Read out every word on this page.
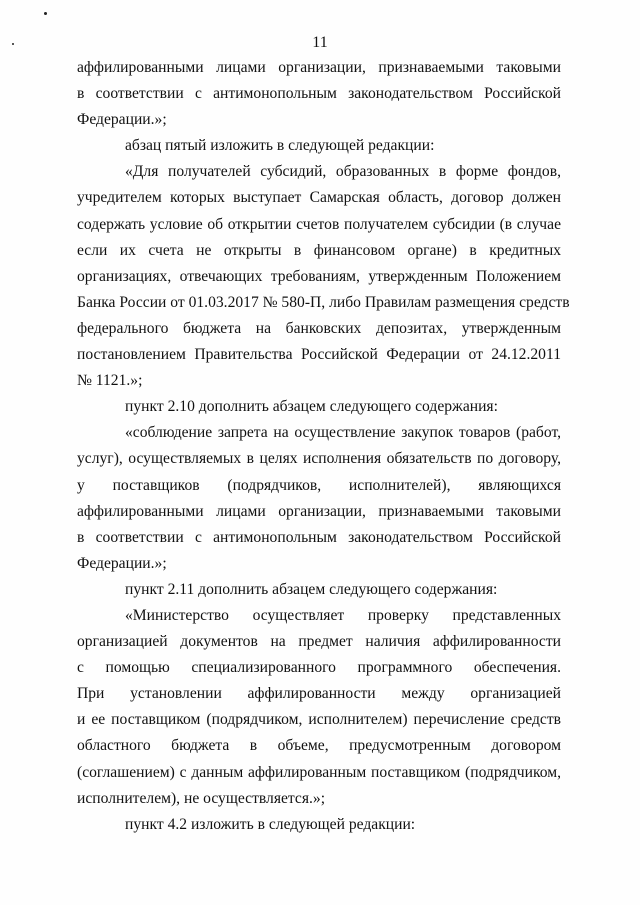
11
аффилированными лицами организации, признаваемыми таковыми
в соответствии с антимонопольным законодательством Российской
Федерации.»;
абзац пятый изложить в следующей редакции:
«Для получателей субсидий, образованных в форме фондов,
учредителем которых выступает Самарская область, договор должен
содержать условие об открытии счетов получателем субсидии (в случае
если их счета не открыты в финансовом органе) в кредитных
организациях, отвечающих требованиям, утвержденным Положением
Банка России от 01.03.2017 № 580-П, либо Правилам размещения средств
федерального бюджета на банковских депозитах, утвержденным
постановлением Правительства Российской Федерации от 24.12.2011
№ 1121.»;
пункт 2.10 дополнить абзацем следующего содержания:
«соблюдение запрета на осуществление закупок товаров (работ,
услуг), осуществляемых в целях исполнения обязательств по договору,
у поставщиков (подрядчиков, исполнителей), являющихся
аффилированными лицами организации, признаваемыми таковыми
в соответствии с антимонопольным законодательством Российской
Федерации.»;
пункт 2.11 дополнить абзацем следующего содержания:
«Министерство осуществляет проверку представленных
организацией документов на предмет наличия аффилированности
с помощью специализированного программного обеспечения.
При установлении аффилированности между организацией
и ее поставщиком (подрядчиком, исполнителем) перечисление средств
областного бюджета в объеме, предусмотренным договором
(соглашением) с данным аффилированным поставщиком (подрядчиком,
исполнителем), не осуществляется.»;
пункт 4.2 изложить в следующей редакции:
